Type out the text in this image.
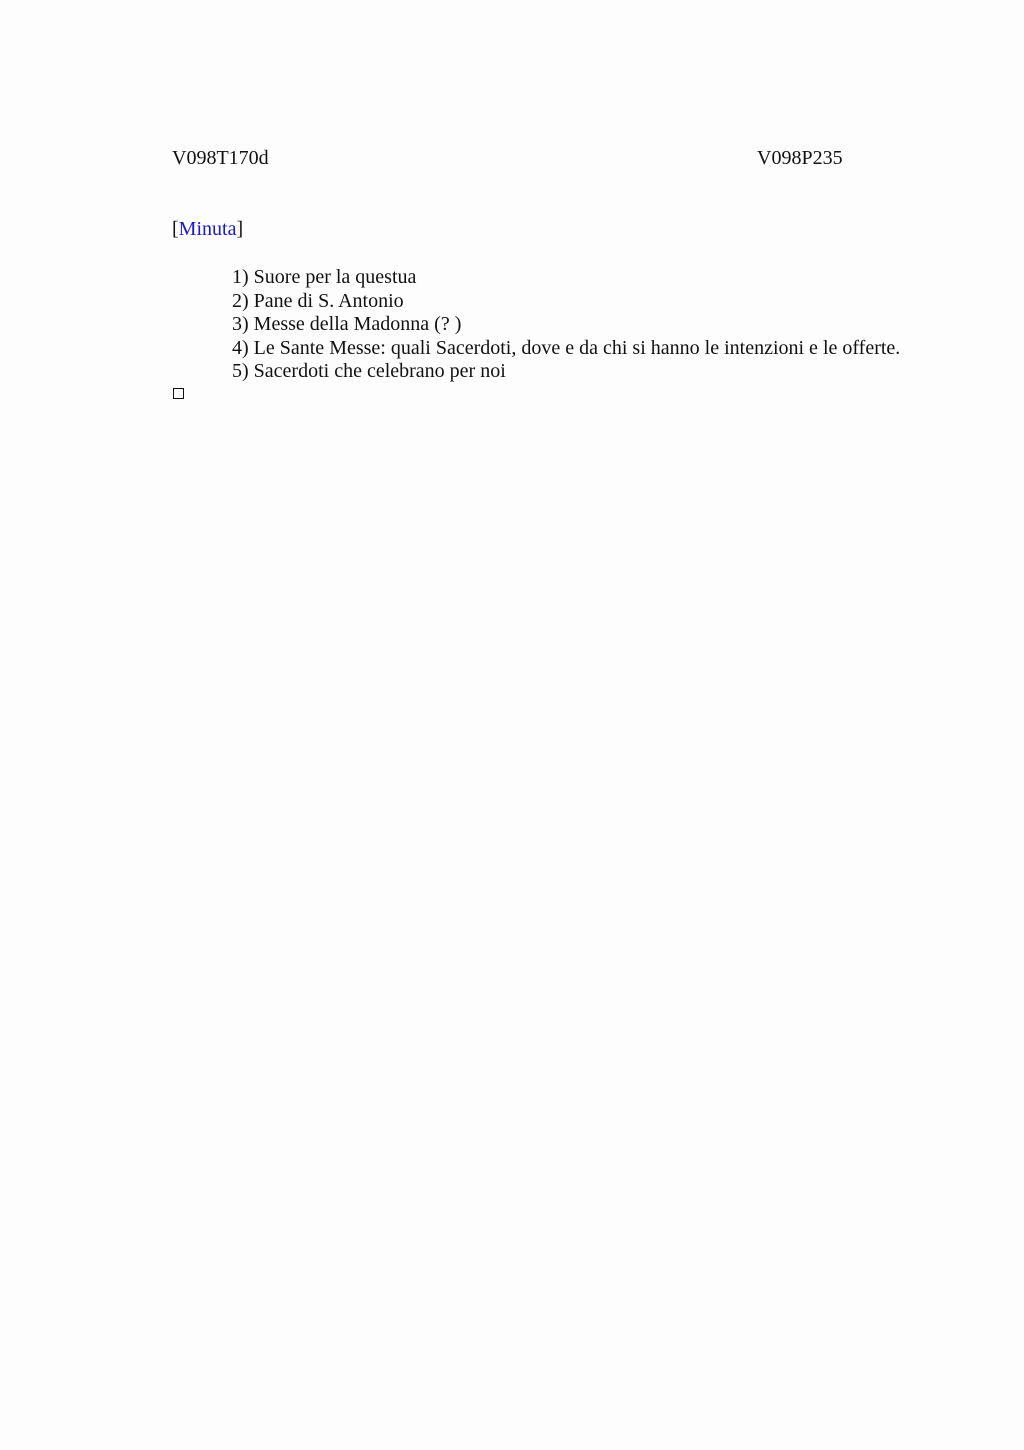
V098T170d	V098P235
[Minuta]
1) Suore per la questua
2) Pane di S. Antonio
3) Messe della Madonna (? )
4) Le Sante Messe: quali Sacerdoti, dove e da chi si hanno le intenzioni e le offerte.
5) Sacerdoti che celebrano per noi
